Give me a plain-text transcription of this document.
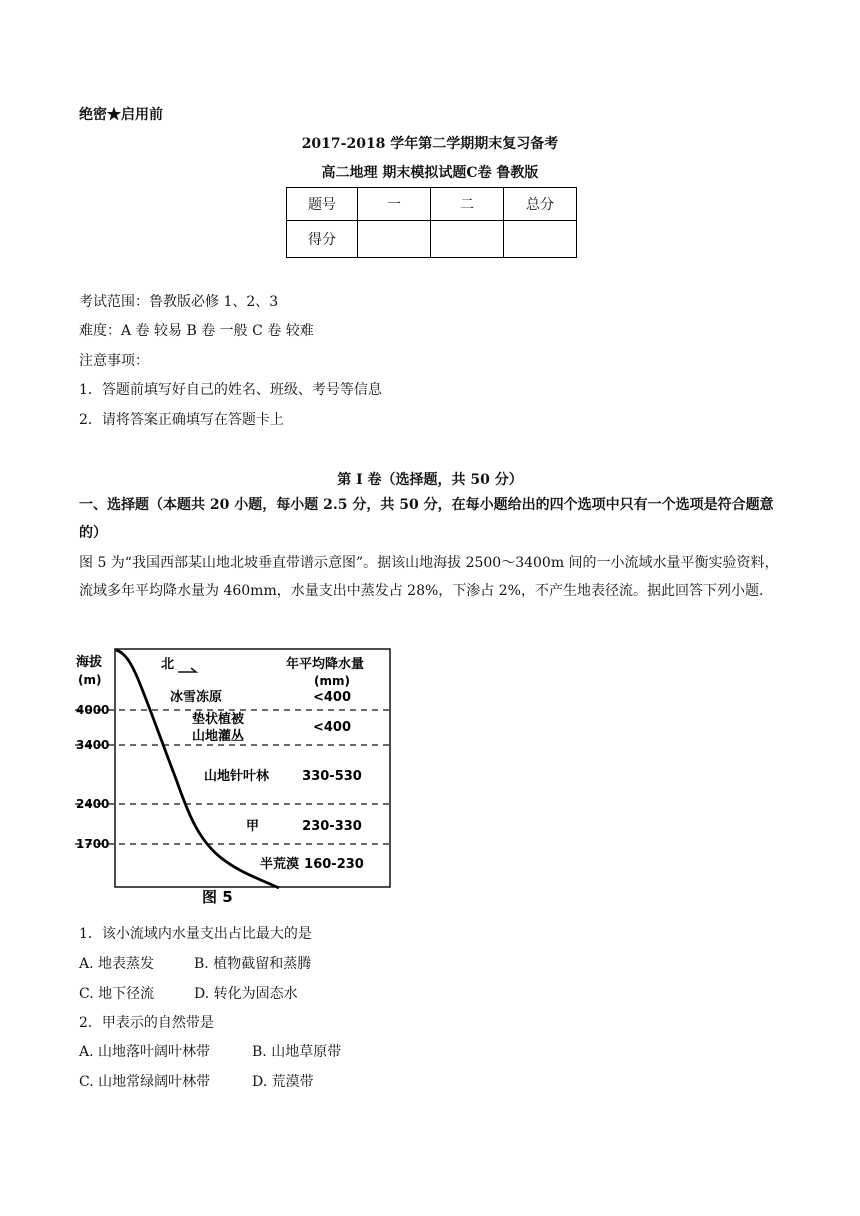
绝密★启用前
2017-2018 学年第二学期期末复习备考
高二地理 期末模拟试题C卷 鲁教版
题号	一	二	总分
得分			
考试范围：鲁教版必修 1、2、3
难度：A 卷 较易 B 卷 一般 C 卷 较难
注意事项：
1．答题前填写好自己的姓名、班级、考号等信息
2．请将答案正确填写在答题卡上
第 I 卷（选择题，共 50 分）
一、选择题（本题共 20 小题，每小题 2.5 分，共 50 分，在每小题给出的四个选项中只有一个选项是符合题意的）
图 5 为“我国西部某山地北坡垂直带谱示意图”。据该山地海拔 2500～3400m 间的一小流域水量平衡实验资料，流域多年平均降水量为 460mm，水量支出中蒸发占 28%，下渗占 2%，不产生地表径流。据此回答下列小题.
海拔
(m)
北	年平均降水量
(mm)
4000
3400
2400
1700
冰雪冻原	<400
垫状植被
山地灌丛
<400
山地针叶林	330-530
甲	230-330
半荒漠 160-230
图 5
1．该小流域内水量支出占比最大的是
A. 地表蒸发	B. 植物截留和蒸腾
C. 地下径流	D. 转化为固态水
2．甲表示的自然带是
A. 山地落叶阔叶林带	B. 山地草原带
C. 山地常绿阔叶林带	D. 荒漠带
